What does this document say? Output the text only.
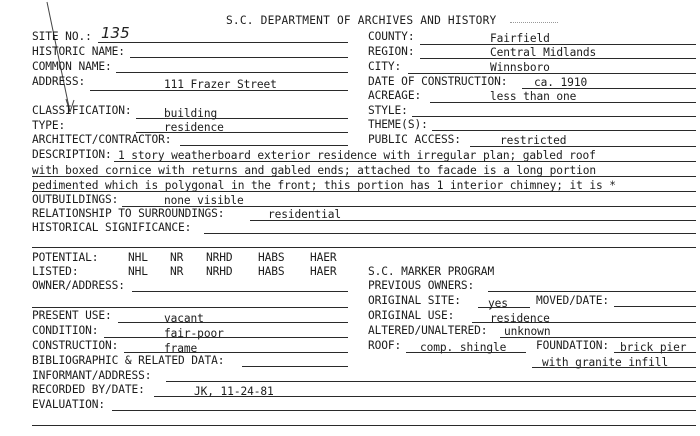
S.C. DEPARTMENT OF ARCHIVES AND HISTORY
SITE NO.: 135
HISTORIC NAME:
COMMON NAME:
ADDRESS:	111 Frazer Street
COUNTY:	Fairfield
REGION:	Central Midlands
CITY:	Winnsboro
DATE OF CONSTRUCTION: ca. 1910
ACREAGE:	less than one
CLASSIFICATION:	building	STYLE:
TYPE:	residence	THEME(S):
ARCHITECT/CONTRACTOR:	PUBLIC ACCESS:	restricted
DESCRIPTION: 1 story weatherboard exterior residence with irregular plan; gabled roof
with boxed cornice with returns and gabled ends; attached to facade is a long portion
pedimented which is polygonal in the front; this portion has 1 interior chimney; it is *
OUTBUILDINGS:	none visible
RELATIONSHIP TO SURROUNDINGS:	residential
HISTORICAL SIGNIFICANCE:
POTENTIAL:	NHL NR NRHD HABS HAER
LISTED:	NHL NR NRHD HABS HAER	S.C. MARKER PROGRAM
OWNER/ADDRESS:	PREVIOUS OWNERS:
ORIGINAL SITE: yes	MOVED/DATE:
PRESENT USE:	vacant	ORIGINAL USE:	residence
CONDITION:	fair-poor	ALTERED/UNALTERED: unknown
CONSTRUCTION:	frame	ROOF: comp. shingle	FOUNDATION: brick pier
with granite infill
BIBLIOGRAPHIC & RELATED DATA:
INFORMANT/ADDRESS:
RECORDED BY/DATE:	JK, 11-24-81
EVALUATION:
